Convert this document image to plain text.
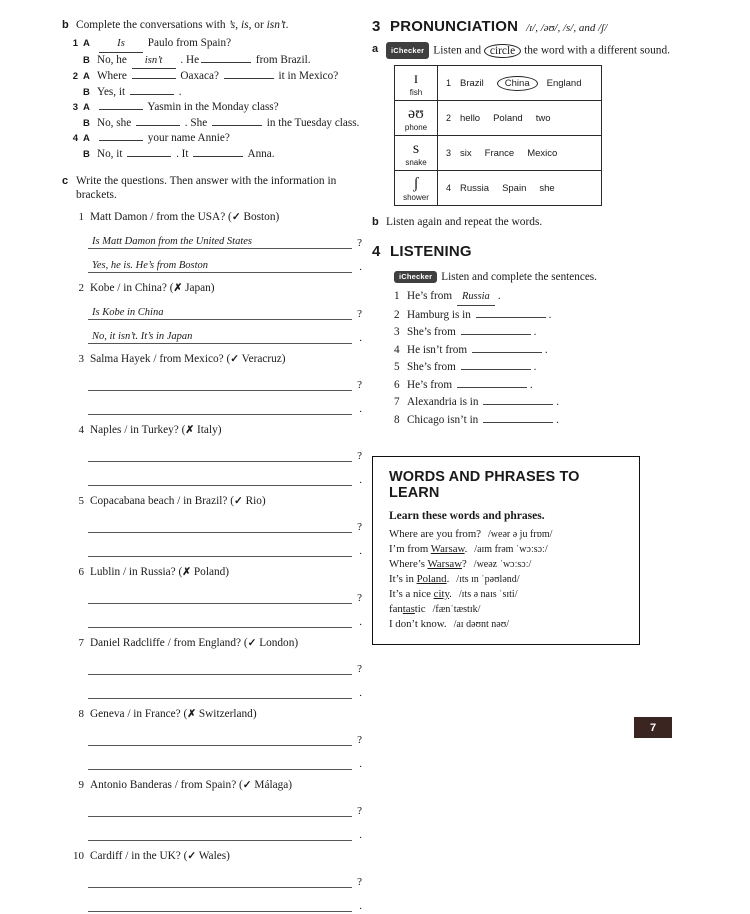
b Complete the conversations with ’s, is, or isn’t.
1 A	Is Paulo from Spain?
B No, he isn’t . He	from Brazil.
2 A Where	Oaxaca?	it in Mexico?
B Yes, it	.
3 A	Yasmin in the Monday class?
B No, she	. She	in the Tuesday class.
4 A	your name Annie?
B No, it	. It	Anna.
c Write the questions. Then answer with the information in brackets.
1 Matt Damon / from the USA? (✓ Boston)
Is Matt Damon from the United States	?
Yes, he is. He’s from Boston	.
2 Kobe / in China? (✗ Japan)
Is Kobe in China	?
No, it isn’t. It’s in Japan	.
3 Salma Hayek / from Mexico? (✓ Veracruz)
?
.
4 Naples / in Turkey? (✗ Italy)
?
.
5 Copacabana beach / in Brazil? (✓ Rio)
?
.
6 Lublin / in Russia? (✗ Poland)
?
.
7 Daniel Radcliffe / from England? (✓ London)
?
.
8 Geneva / in France? (✗ Switzerland)
?
.
9 Antonio Banderas / from Spain? (✓ Málaga)
?
.
10 Cardiff / in the UK? (✓ Wales)
?
.
3 PRONUNCIATION /ɪ/, /əʊ/, /s/, and /ʃ/
a	iChecker Listen and circle the word with a different sound.
ɪ
fish	1 Brazil China England

əʊ
phone	2 hello Poland two

s
snake	3 six France Mexico

ʃ
shower	4 Russia Spain she
b Listen again and repeat the words.
4 LISTENING
iChecker Listen and complete the sentences.
1 He’s from Russia .
2 Hamburg is in	.
3 She’s from	.
4 He isn’t from	.
5 She’s from	.
6 He’s from	.
7 Alexandria is in	.
8 Chicago isn’t in	.
WORDS AND PHRASES TO LEARN
Learn these words and phrases.
Where are you from? /weər ə ju frɒm/
I’m from Warsaw. /aɪm frəm ˈwɔːsɔː/
Where’s Warsaw? /weəz ˈwɔːsɔː/
It’s in Poland. /ɪts ɪn ˈpəʊlənd/
It’s a nice city. /ɪts ə naɪs ˈsɪti/
fantastic /fænˈtæstɪk/
I don’t know. /aɪ dəʊnt nəʊ/
7
